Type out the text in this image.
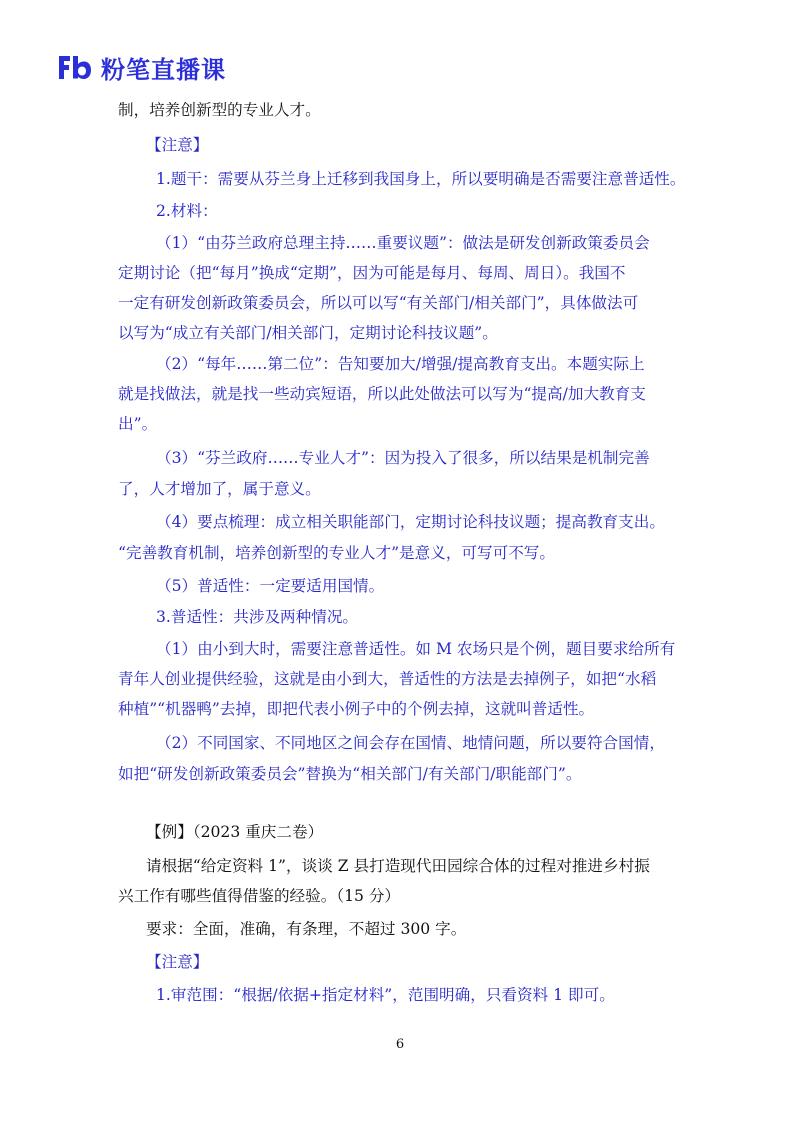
粉笔直播课
制，培养创新型的专业人才。
【注意】
1.题干：需要从芬兰身上迁移到我国身上，所以要明确是否需要注意普适性。
2.材料：
（1）“由芬兰政府总理主持……重要议题”：做法是研发创新政策委员会
定期讨论（把“每月”换成“定期”，因为可能是每月、每周、周日）。我国不
一定有研发创新政策委员会，所以可以写“有关部门/相关部门”，具体做法可
以写为“成立有关部门/相关部门，定期讨论科技议题”。
（2）“每年……第二位”：告知要加大/增强/提高教育支出。本题实际上
就是找做法，就是找一些动宾短语，所以此处做法可以写为“提高/加大教育支
出”。
（3）“芬兰政府……专业人才”：因为投入了很多，所以结果是机制完善
了，人才增加了，属于意义。
（4）要点梳理：成立相关职能部门，定期讨论科技议题；提高教育支出。
“完善教育机制，培养创新型的专业人才”是意义，可写可不写。
（5）普适性：一定要适用国情。
3.普适性：共涉及两种情况。
（1）由小到大时，需要注意普适性。如 M 农场只是个例，题目要求给所有
青年人创业提供经验，这就是由小到大，普适性的方法是去掉例子，如把“水稻
种植”“机器鸭”去掉，即把代表小例子中的个例去掉，这就叫普适性。
（2）不同国家、不同地区之间会存在国情、地情问题，所以要符合国情，
如把“研发创新政策委员会”替换为“相关部门/有关部门/职能部门”。
【例】（2023 重庆二卷）
请根据“给定资料 1”，谈谈 Z 县打造现代田园综合体的过程对推进乡村振
兴工作有哪些值得借鉴的经验。（15 分）
要求：全面，准确，有条理，不超过 300 字。
【注意】
1.审范围：“根据/依据+指定材料”，范围明确，只看资料 1 即可。
6
